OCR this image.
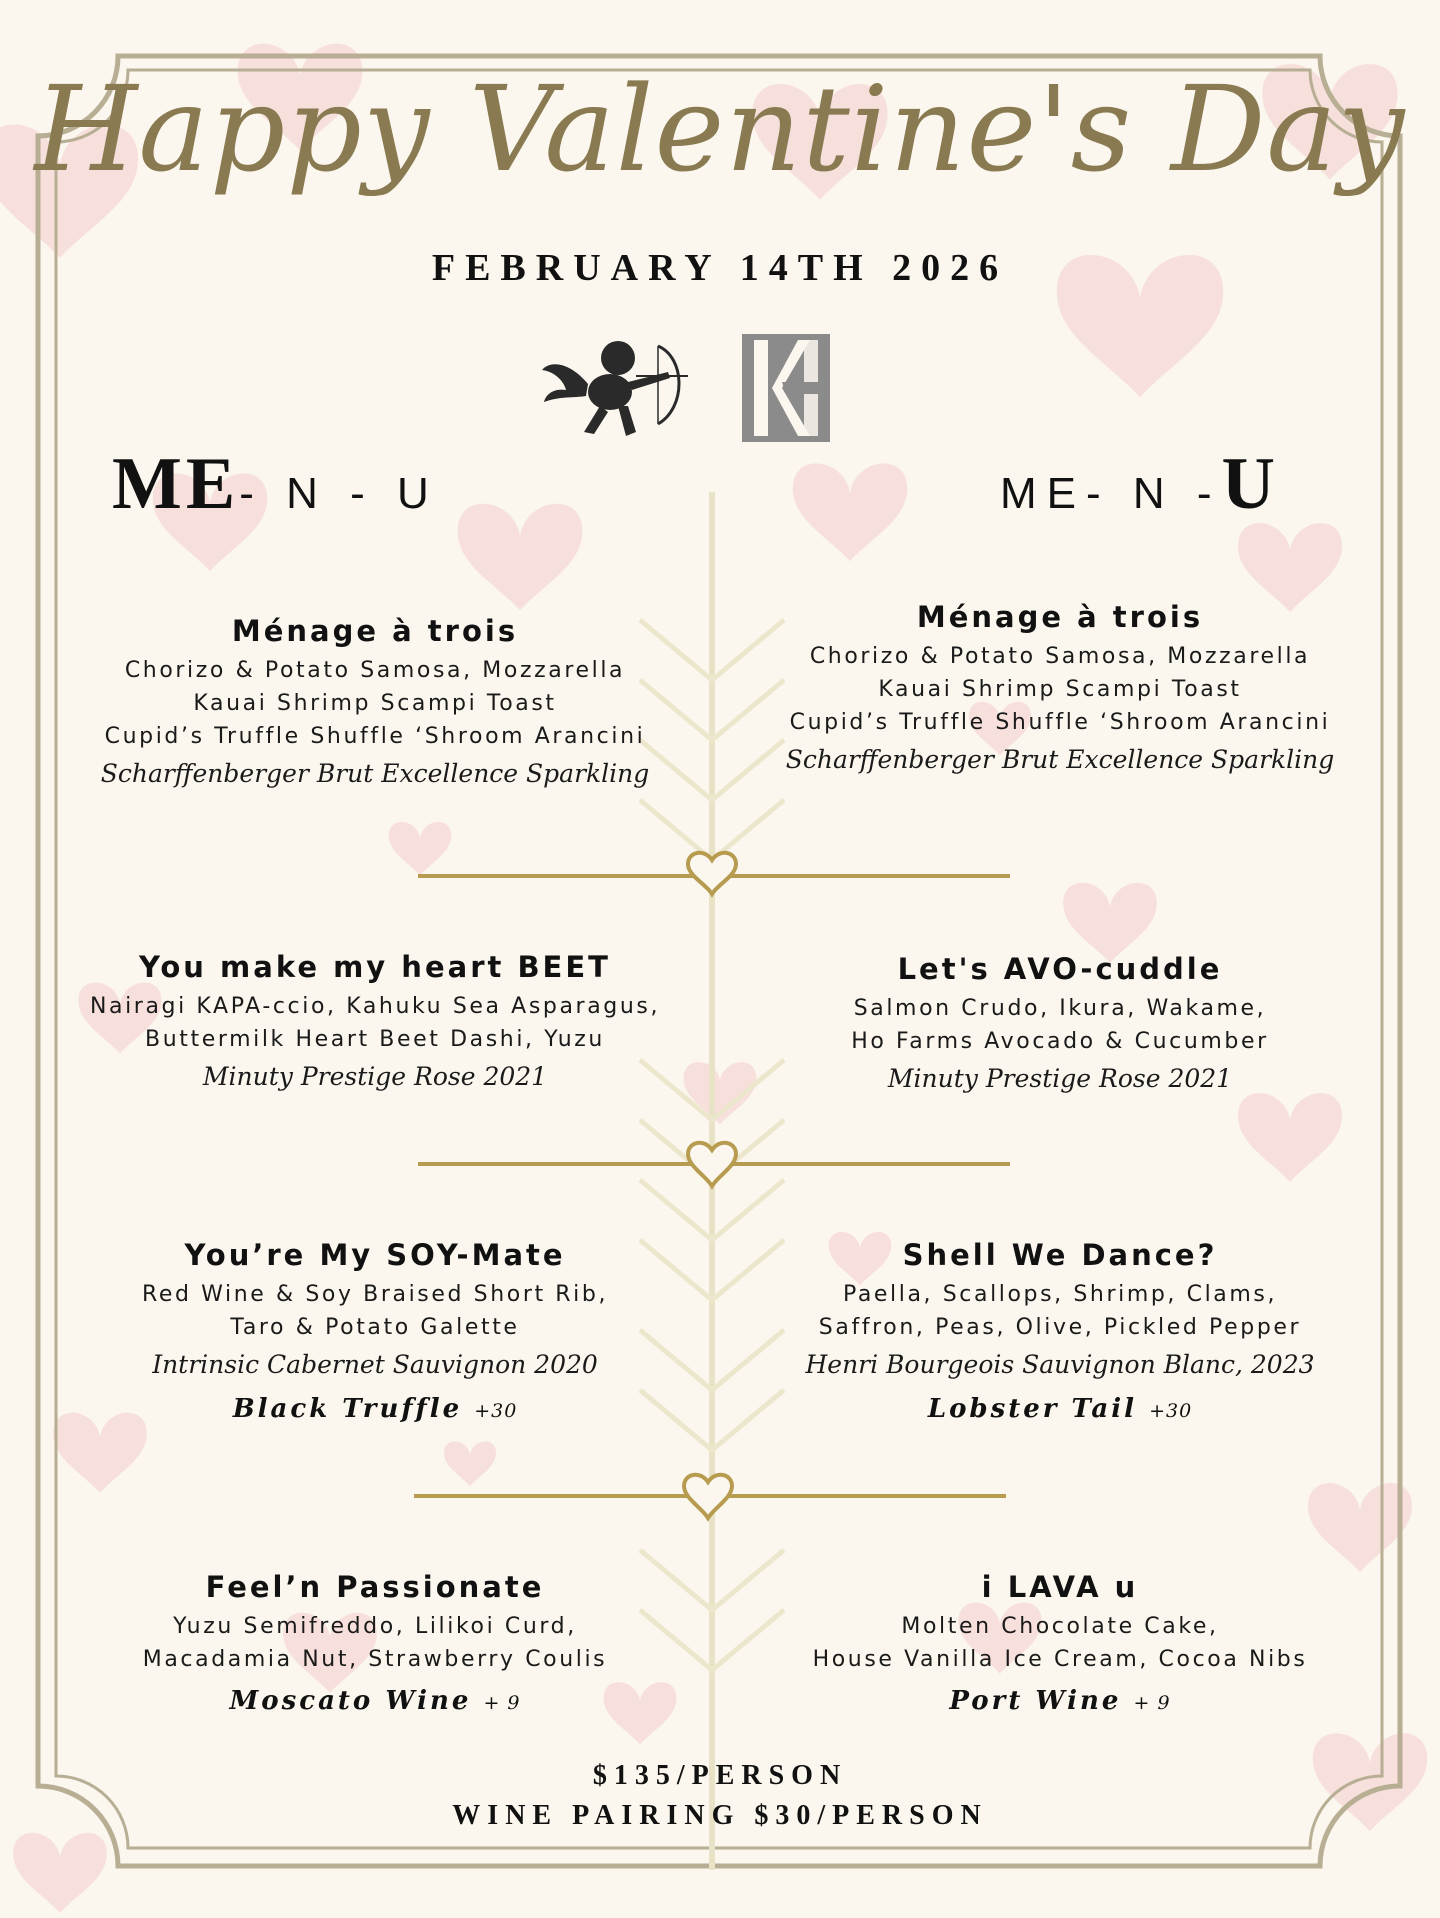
Happy Valentine's Day
FEBRUARY 14TH 2026
ME- N - U	ME- N -U
Ménage à trois
Chorizo & Potato Samosa, Mozzarella
Kauai Shrimp Scampi Toast
Cupid’s Truffle Shuffle ‘Shroom Arancini
Scharffenberger Brut Excellence Sparkling
You make my heart BEET
Nairagi KAPA-ccio, Kahuku Sea Asparagus,
Buttermilk Heart Beet Dashi, Yuzu
Minuty Prestige Rose 2021
You’re My SOY-Mate
Red Wine & Soy Braised Short Rib,
Taro & Potato Galette
Intrinsic Cabernet Sauvignon 2020
Black Truffle +30
Feel’n Passionate
Yuzu Semifreddo, Lilikoi Curd,
Macadamia Nut, Strawberry Coulis
Moscato Wine + 9
Ménage à trois
Chorizo & Potato Samosa, Mozzarella
Kauai Shrimp Scampi Toast
Cupid’s Truffle Shuffle ‘Shroom Arancini
Scharffenberger Brut Excellence Sparkling
Let's AVO-cuddle
Salmon Crudo, Ikura, Wakame,
Ho Farms Avocado & Cucumber
Minuty Prestige Rose 2021
Shell We Dance?
Paella, Scallops, Shrimp, Clams,
Saffron, Peas, Olive, Pickled Pepper
Henri Bourgeois Sauvignon Blanc, 2023
Lobster Tail +30
i LAVA u
Molten Chocolate Cake,
House Vanilla Ice Cream, Cocoa Nibs
Port Wine + 9
$135/PERSON
WINE PAIRING $30/PERSON
